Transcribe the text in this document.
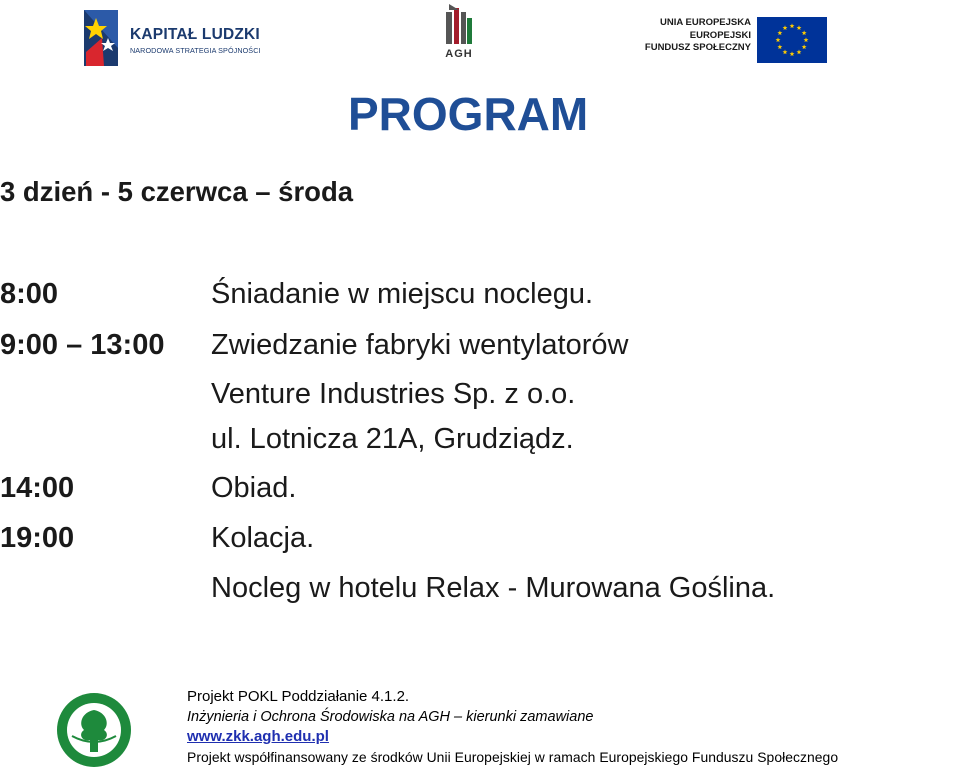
KAPITAŁ LUDZKI
NARODOWA STRATEGIA SPÓJNOŚCI	AGH
UNIA EUROPEJSKA
EUROPEJSKI
FUNDUSZ SPOŁECZNY
PROGRAM
3 dzień - 5 czerwca – środa
8:00	Śniadanie w miejscu noclegu.
9:00 – 13:00 Zwiedzanie fabryki wentylatorów
Venture Industries Sp. z o.o.
ul. Lotnicza 21A, Grudziądz.
14:00	Obiad.
19:00	Kolacja.
Nocleg w hotelu Relax - Murowana Goślina.
Projekt POKL Poddziałanie 4.1.2.
Inżynieria i Ochrona Środowiska na AGH – kierunki zamawiane
www.zkk.agh.edu.pl
Projekt współfinansowany ze środków Unii Europejskiej w ramach Europejskiego Funduszu Społecznego
